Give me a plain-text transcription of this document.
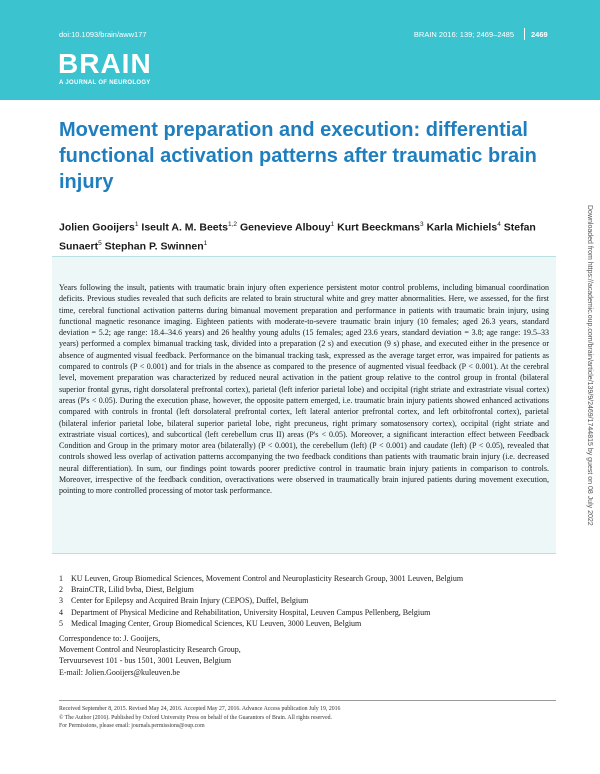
doi:10.1093/brain/aww177	BRAIN 2016: 139; 2469–2485 2469
BRAIN
A JOURNAL OF NEUROLOGY
Movement preparation and execution: differential functional activation patterns after traumatic brain injury
Jolien Gooijers$^1$ Iseult A. M. Beets$^{1,2}$ Genevieve Albouy$^1$ Kurt Beeckmans$^3$ Karla Michiels$^4$ Stefan Sunaert$^5$ Stephan P. Swinnen$^1$
Years following the insult, patients with traumatic brain injury often experience persistent motor control problems, including bimanual coordination deficits. Previous studies revealed that such deficits are related to brain structural white and grey matter abnormalities. Here, we assessed, for the first time, cerebral functional activation patterns during bimanual movement preparation and performance in patients with traumatic brain injury, using functional magnetic resonance imaging. Eighteen patients with moderate-to-severe traumatic brain injury (10 females; aged 26.3 years, standard deviation = 5.2; age range: 18.4–34.6 years) and 26 healthy young adults (15 females; aged 23.6 years, standard deviation = 3.8; age range: 19.5–33 years) performed a complex bimanual tracking task, divided into a preparation (2 s) and execution (9 s) phase, and executed either in the presence or absence of augmented visual feedback. Performance on the bimanual tracking task, expressed as the average target error, was impaired for patients as compared to controls (P < 0.001) and for trials in the absence as compared to the presence of augmented visual feedback (P < 0.001). At the cerebral level, movement preparation was characterized by reduced neural activation in the patient group relative to the control group in frontal (bilateral superior frontal gyrus, right dorsolateral prefrontal cortex), parietal (left inferior parietal lobe) and occipital (right striate and extrastriate visual cortex) areas (P's < 0.05). During the execution phase, however, the opposite pattern emerged, i.e. traumatic brain injury patients showed enhanced activations compared with controls in frontal (left dorsolateral prefrontal cortex, left lateral anterior prefrontal cortex, and left orbitofrontal cortex), parietal (bilateral inferior parietal lobe, bilateral superior parietal lobe, right precuneus, right primary somatosensory cortex), occipital (right striate and extrastriate visual cortices), and subcortical (left cerebellum crus II) areas (P's < 0.05). Moreover, a significant interaction effect between Feedback Condition and Group in the primary motor area (bilaterally) (P < 0.001), the cerebellum (left) (P < 0.001) and caudate (left) (P < 0.05), revealed that controls showed less overlap of activation patterns accompanying the two feedback conditions than patients with traumatic brain injury (i.e. decreased neural differentiation). In sum, our findings point towards poorer predictive control in traumatic brain injury patients in comparison to controls. Moreover, irrespective of the feedback condition, overactivations were observed in traumatically brain injured patients during movement execution, pointing to more controlled processing of motor task performance.
1	KU Leuven, Group Biomedical Sciences, Movement Control and Neuroplasticity Research Group, 3001 Leuven, Belgium
2	BrainCTR, Lilid bvba, Diest, Belgium
3	Center for Epilepsy and Acquired Brain Injury (CEPOS), Duffel, Belgium
4	Department of Physical Medicine and Rehabilitation, University Hospital, Leuven Campus Pellenberg, Belgium
5	Medical Imaging Center, Group Biomedical Sciences, KU Leuven, 3000 Leuven, Belgium
Correspondence to: J. Gooijers,
Movement Control and Neuroplasticity Research Group,
Tervuursevest 101 - bus 1501, 3001 Leuven, Belgium
E-mail: Jolien.Gooijers@kuleuven.be
Received September 8, 2015. Revised May 24, 2016. Accepted May 27, 2016. Advance Access publication July 19, 2016
© The Author (2016). Published by Oxford University Press on behalf of the Guarantors of Brain. All rights reserved.
For Permissions, please email: journals.permissions@oup.com
Downloaded from https://academic.oup.com/brain/article/139/9/2469/1744815 by guest on 08 July 2022
